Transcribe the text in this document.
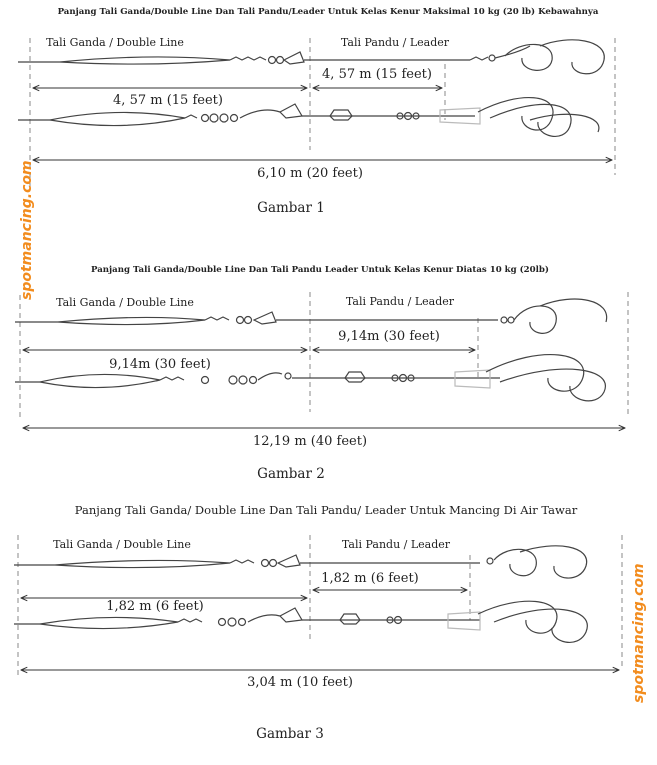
Panjang Tali Ganda/Double Line Dan Tali Pandu/Leader Untuk Kelas Kenur Maksimal 10 kg (20 lb) Kebawahnya
Tali Ganda / Double Line	Tali Pandu / Leader
4, 57 m (15 feet)
4, 57 m (15 feet)
6,10 m (20 feet)
Gambar 1
Panjang Tali Ganda/Double Line Dan Tali Pandu Leader Untuk Kelas Kenur Diatas 10 kg (20lb)
Tali Ganda / Double Line	Tali Pandu / Leader
9,14m (30 feet)
9,14m (30 feet)
12,19 m (40 feet)
Gambar 2
Panjang Tali Ganda/ Double Line Dan Tali Pandu/ Leader Untuk Mancing Di Air Tawar
Tali Ganda / Double Line	Tali Pandu / Leader
1,82 m (6 feet)
1,82 m (6 feet)
3,04 m (10 feet)
Gambar 3
spotmancing.com
spotmancing.com
